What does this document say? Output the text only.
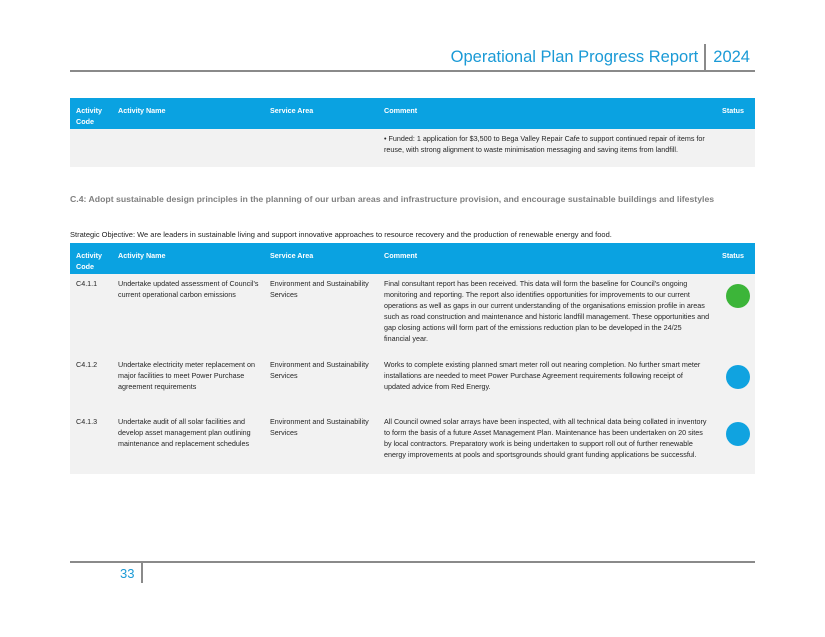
Operational Plan Progress Report 2024
Activity Code	Activity Name	Service Area	Comment	Status
			• Funded: 1 application for $3,500 to Bega Valley Repair Cafe to support continued repair of items for reuse, with strong alignment to waste minimisation messaging and saving items from landfill.	
C.4: Adopt sustainable design principles in the planning of our urban areas and infrastructure provision, and encourage sustainable buildings and lifestyles
Strategic Objective: We are leaders in sustainable living and support innovative approaches to resource recovery and the production of renewable energy and food.
Activity Code	Activity Name	Service Area	Comment	Status
C4.1.1	Undertake updated assessment of Council's current operational carbon emissions	Environment and Sustainability Services	Final consultant report has been received. This data will form the baseline for Council's ongoing monitoring and reporting. The report also identifies opportunities for improvements to our current operations as well as gaps in our current understanding of the organisations emission profile in areas such as road construction and maintenance and historic landfill management. These opportunities and gap closing actions will form part of the emissions reduction plan to be developed in the 24/25 financial year.	

C4.1.2	Undertake electricity meter replacement on major facilities to meet Power Purchase agreement requirements	Environment and Sustainability Services	Works to complete existing planned smart meter roll out nearing completion. No further smart meter installations are needed to meet Power Purchase Agreement requirements following receipt of updated advice from Red Energy.	

C4.1.3	Undertake audit of all solar facilities and develop asset management plan outlining maintenance and replacement schedules	Environment and Sustainability Services	All Council owned solar arrays have been inspected, with all technical data being collated in inventory to form the basis of a future Asset Management Plan. Maintenance has been undertaken on 20 sites by local contractors. Preparatory work is being undertaken to support roll out of further renewable energy improvements at pools and sportsgrounds should grant funding applications be successful.	
33
